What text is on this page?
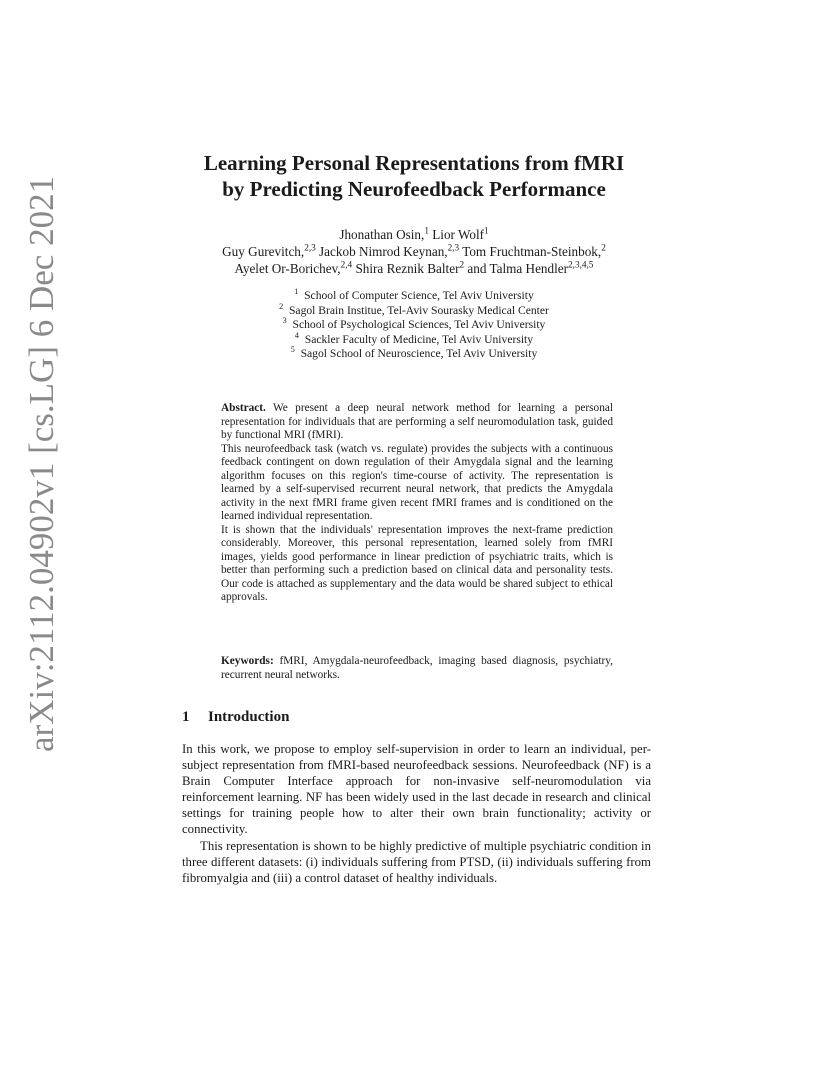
arXiv:2112.04902v1 [cs.LG] 6 Dec 2021
Learning Personal Representations from fMRI
by Predicting Neurofeedback Performance
Jhonathan Osin,$^1$ Lior Wolf$^1$
Guy Gurevitch,$^{2,3}$ Jackob Nimrod Keynan,$^{2,3}$ Tom Fruchtman-Steinbok,$^2$
Ayelet Or-Borichev,$^{2,4}$ Shira Reznik Balter$^2$ and Talma Hendler$^{2,3,4,5}$
$^1$ School of Computer Science, Tel Aviv University
$^2$ Sagol Brain Institue, Tel-Aviv Sourasky Medical Center
$^3$ School of Psychological Sciences, Tel Aviv University
$^4$ Sackler Faculty of Medicine, Tel Aviv University
$^5$ Sagol School of Neuroscience, Tel Aviv University

Abstract. We present a deep neural network method for learning a personal representation for individuals that are performing a self neuromodulation task, guided by functional MRI (fMRI).

This neurofeedback task (watch vs. regulate) provides the subjects with a continuous feedback contingent on down regulation of their Amygdala signal and the learning algorithm focuses on this region's time-course of activity. The representation is learned by a self-supervised recurrent neural network, that predicts the Amygdala activity in the next fMRI frame given recent fMRI frames and is conditioned on the learned individual representation.

It is shown that the individuals' representation improves the next-frame prediction considerably. Moreover, this personal representation, learned solely from fMRI images, yields good performance in linear prediction of psychiatric traits, which is better than performing such a prediction based on clinical data and personality tests. Our code is attached as supplementary and the data would be shared subject to ethical approvals.

Keywords: fMRI, Amygdala-neurofeedback, imaging based diagnosis, psychiatry, recurrent neural networks.
1 Introduction

In this work, we propose to employ self-supervision in order to learn an individual, per-subject representation from fMRI-based neurofeedback sessions. Neurofeedback (NF) is a Brain Computer Interface approach for non-invasive self-neuromodulation via reinforcement learning. NF has been widely used in the last decade in research and clinical settings for training people how to alter their own brain functionality; activity or connectivity.

This representation is shown to be highly predictive of multiple psychiatric condition in three different datasets: (i) individuals suffering from PTSD, (ii) individuals suffering from fibromyalgia and (iii) a control dataset of healthy individuals.
